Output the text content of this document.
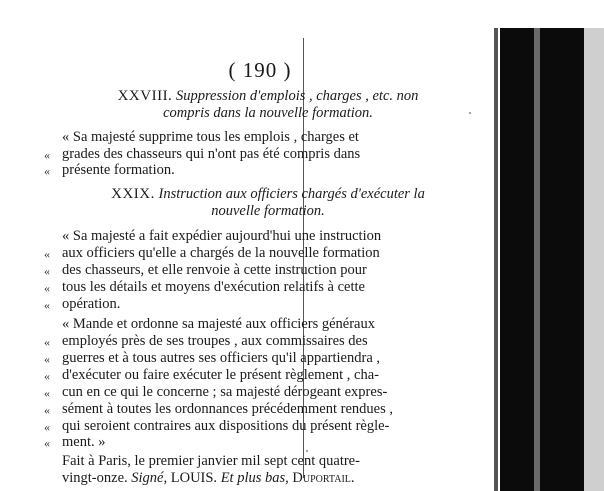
( 190 )
XXVIII. Suppression d'emplois , charges , etc. non
compris dans la nouvelle formation.
« Sa majesté supprime tous les emplois , charges et
« grades des chasseurs qui n'ont pas été compris dans
« présente formation.
XXIX. Instruction aux officiers chargés d'exécuter la
nouvelle formation.
« Sa majesté a fait expédier aujourd'hui une instruction
« aux officiers qu'elle a chargés de la nouvelle formation
« des chasseurs, et elle renvoie à cette instruction pour
« tous les détails et moyens d'exécution relatifs à cette
« opération.
« Mande et ordonne sa majesté aux officiers généraux
« employés près de ses troupes , aux commissaires des
« guerres et à tous autres ses officiers qu'il appartiendra ,
« d'exécuter ou faire exécuter le présent règlement , cha-
« cun en ce qui le concerne ; sa majesté dérogeant expres-
« sément à toutes les ordonnances précédemment rendues ,
« qui seroient contraires aux dispositions du présent règle-
« ment. »
Fait à Paris, le premier janvier mil sept cent quatre-
vingt-onze. Signé, LOUIS. Et plus bas, Duportail.
